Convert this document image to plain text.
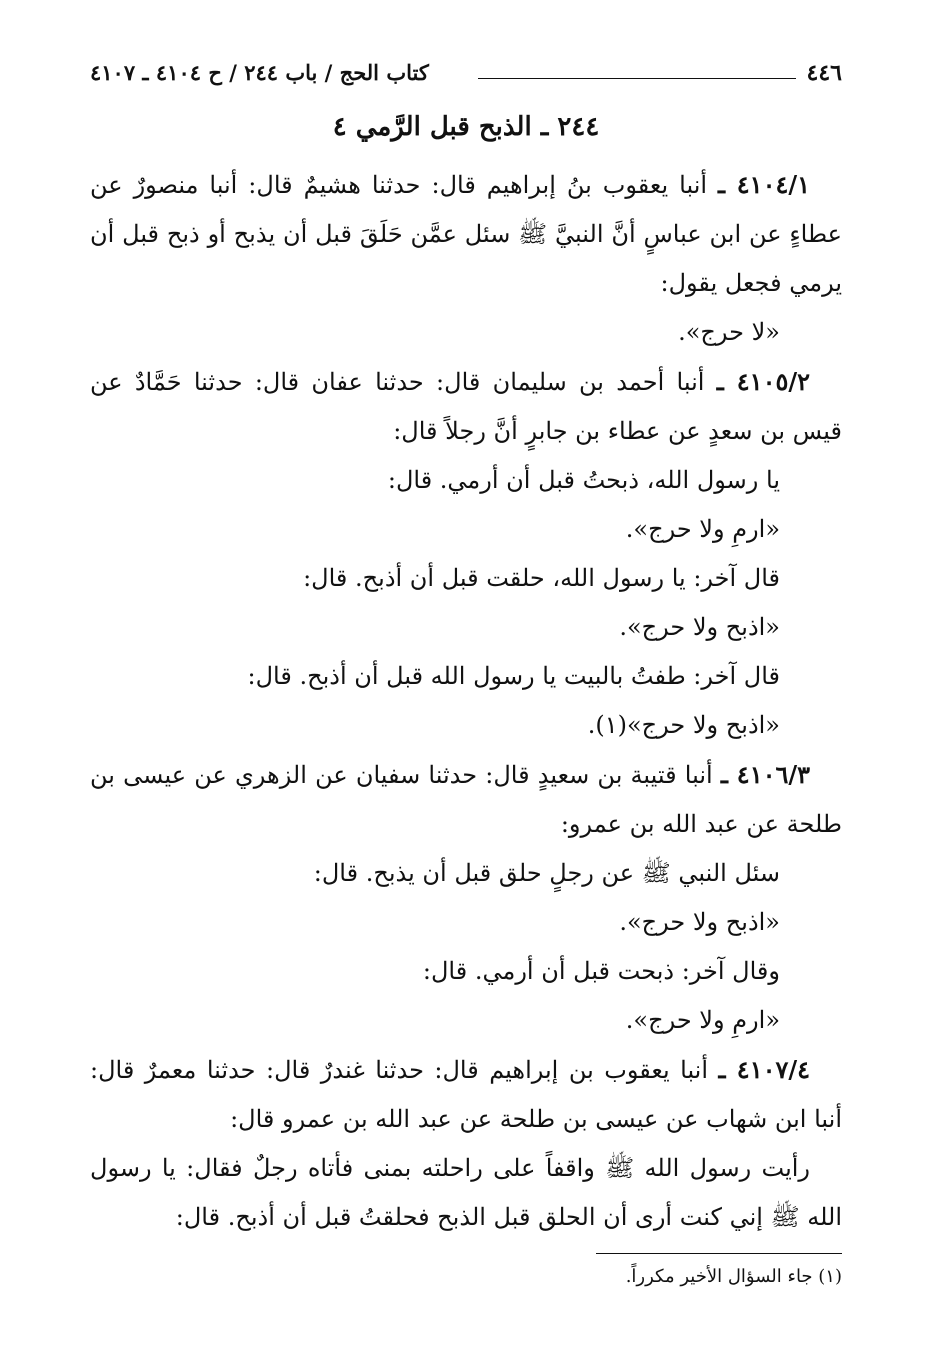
٤٤٦
كتاب الحج / باب ٢٤٤ / ح ٤١٠٤ ـ ٤١٠٧
٢٤٤ ـ الذبح قبل الرَّمي ٤

٤١٠٤/١ ـ أنبا يعقوب بنُ إبراهيم قال: حدثنا هشيمٌ قال: أنبا منصورٌ عن عطاءٍ عن ابن عباسٍ أنَّ النبيَّ ﷺ سئل عمَّن حَلَقَ قبل أن يذبح أو ذبح قبل أن يرمي فجعل يقول:

«لا حرج».

٤١٠٥/٢ ـ أنبا أحمد بن سليمان قال: حدثنا عفان قال: حدثنا حَمَّادٌ عن قيس بن سعدٍ عن عطاء بن جابرٍ أنَّ رجلاً قال:

يا رسول الله، ذبحتُ قبل أن أرمي. قال:

«ارمِ ولا حرج».

قال آخر: يا رسول الله، حلقت قبل أن أذبح. قال:

«اذبح ولا حرج».

قال آخر: طفتُ بالبيت يا رسول الله قبل أن أذبح. قال:

«اذبح ولا حرج»(١).

٤١٠٦/٣ ـ أنبا قتيبة بن سعيدٍ قال: حدثنا سفيان عن الزهري عن عيسى بن طلحة عن عبد الله بن عمرو:

سئل النبي ﷺ عن رجلٍ حلق قبل أن يذبح. قال:

«اذبح ولا حرج».

وقال آخر: ذبحت قبل أن أرمي. قال:

«ارمِ ولا حرج».

٤١٠٧/٤ ـ أنبا يعقوب بن إبراهيم قال: حدثنا غندرٌ قال: حدثنا معمرٌ قال: أنبا ابن شهاب عن عيسى بن طلحة عن عبد الله بن عمرو قال:

رأيت رسول الله ﷺ واقفاً على راحلته بمنى فأتاه رجلٌ فقال: يا رسول الله ﷺ إني كنت أرى أن الحلق قبل الذبح فحلقتُ قبل أن أذبح. قال:

(١) جاء السؤال الأخير مكرراً.
